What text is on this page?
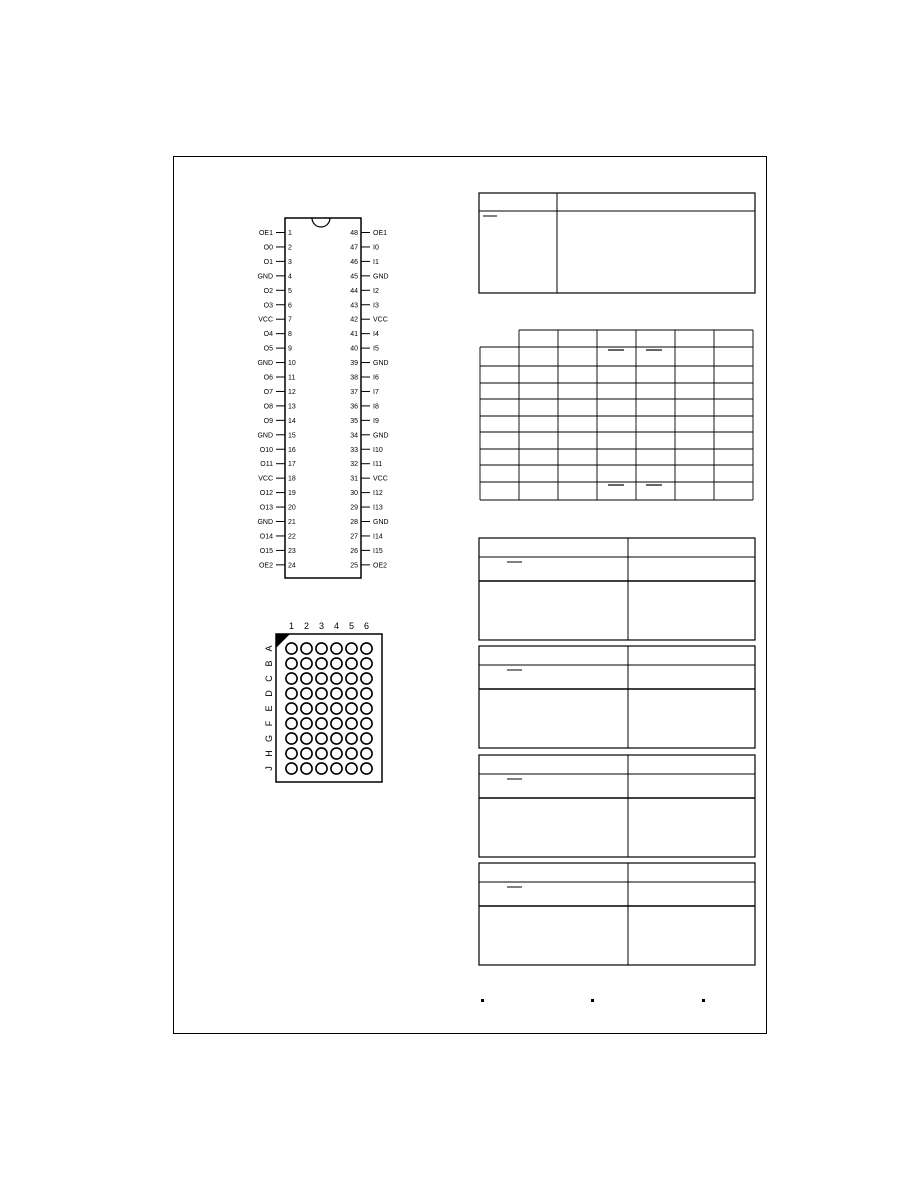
OE1 1
O0 2
O1 3
GND 4
O2 5
O3 6
VCC 7
O4 8
O5 9
GND 10
O6 11
O7 12
O8 13
O9 14
GND 15
O10 16
O11 17
VCC 18
O12 19
O13 20
GND 21
O14 22
O15 23
OE2 24
OE1
48
I0
47
I1
46
GND
45
I2
44
I3
43
VCC
42
I4
41
I5
40
GND
39
I6
38
I7
37
I8
36
I9
35
GND
34
I10
33
I11
32
VCC
31
I12
30
I13
29
GND
28
I14
27
I15
26
OE2
25
1 2 3 4 5 6
A
B
C
D
E
F
G
H
J
